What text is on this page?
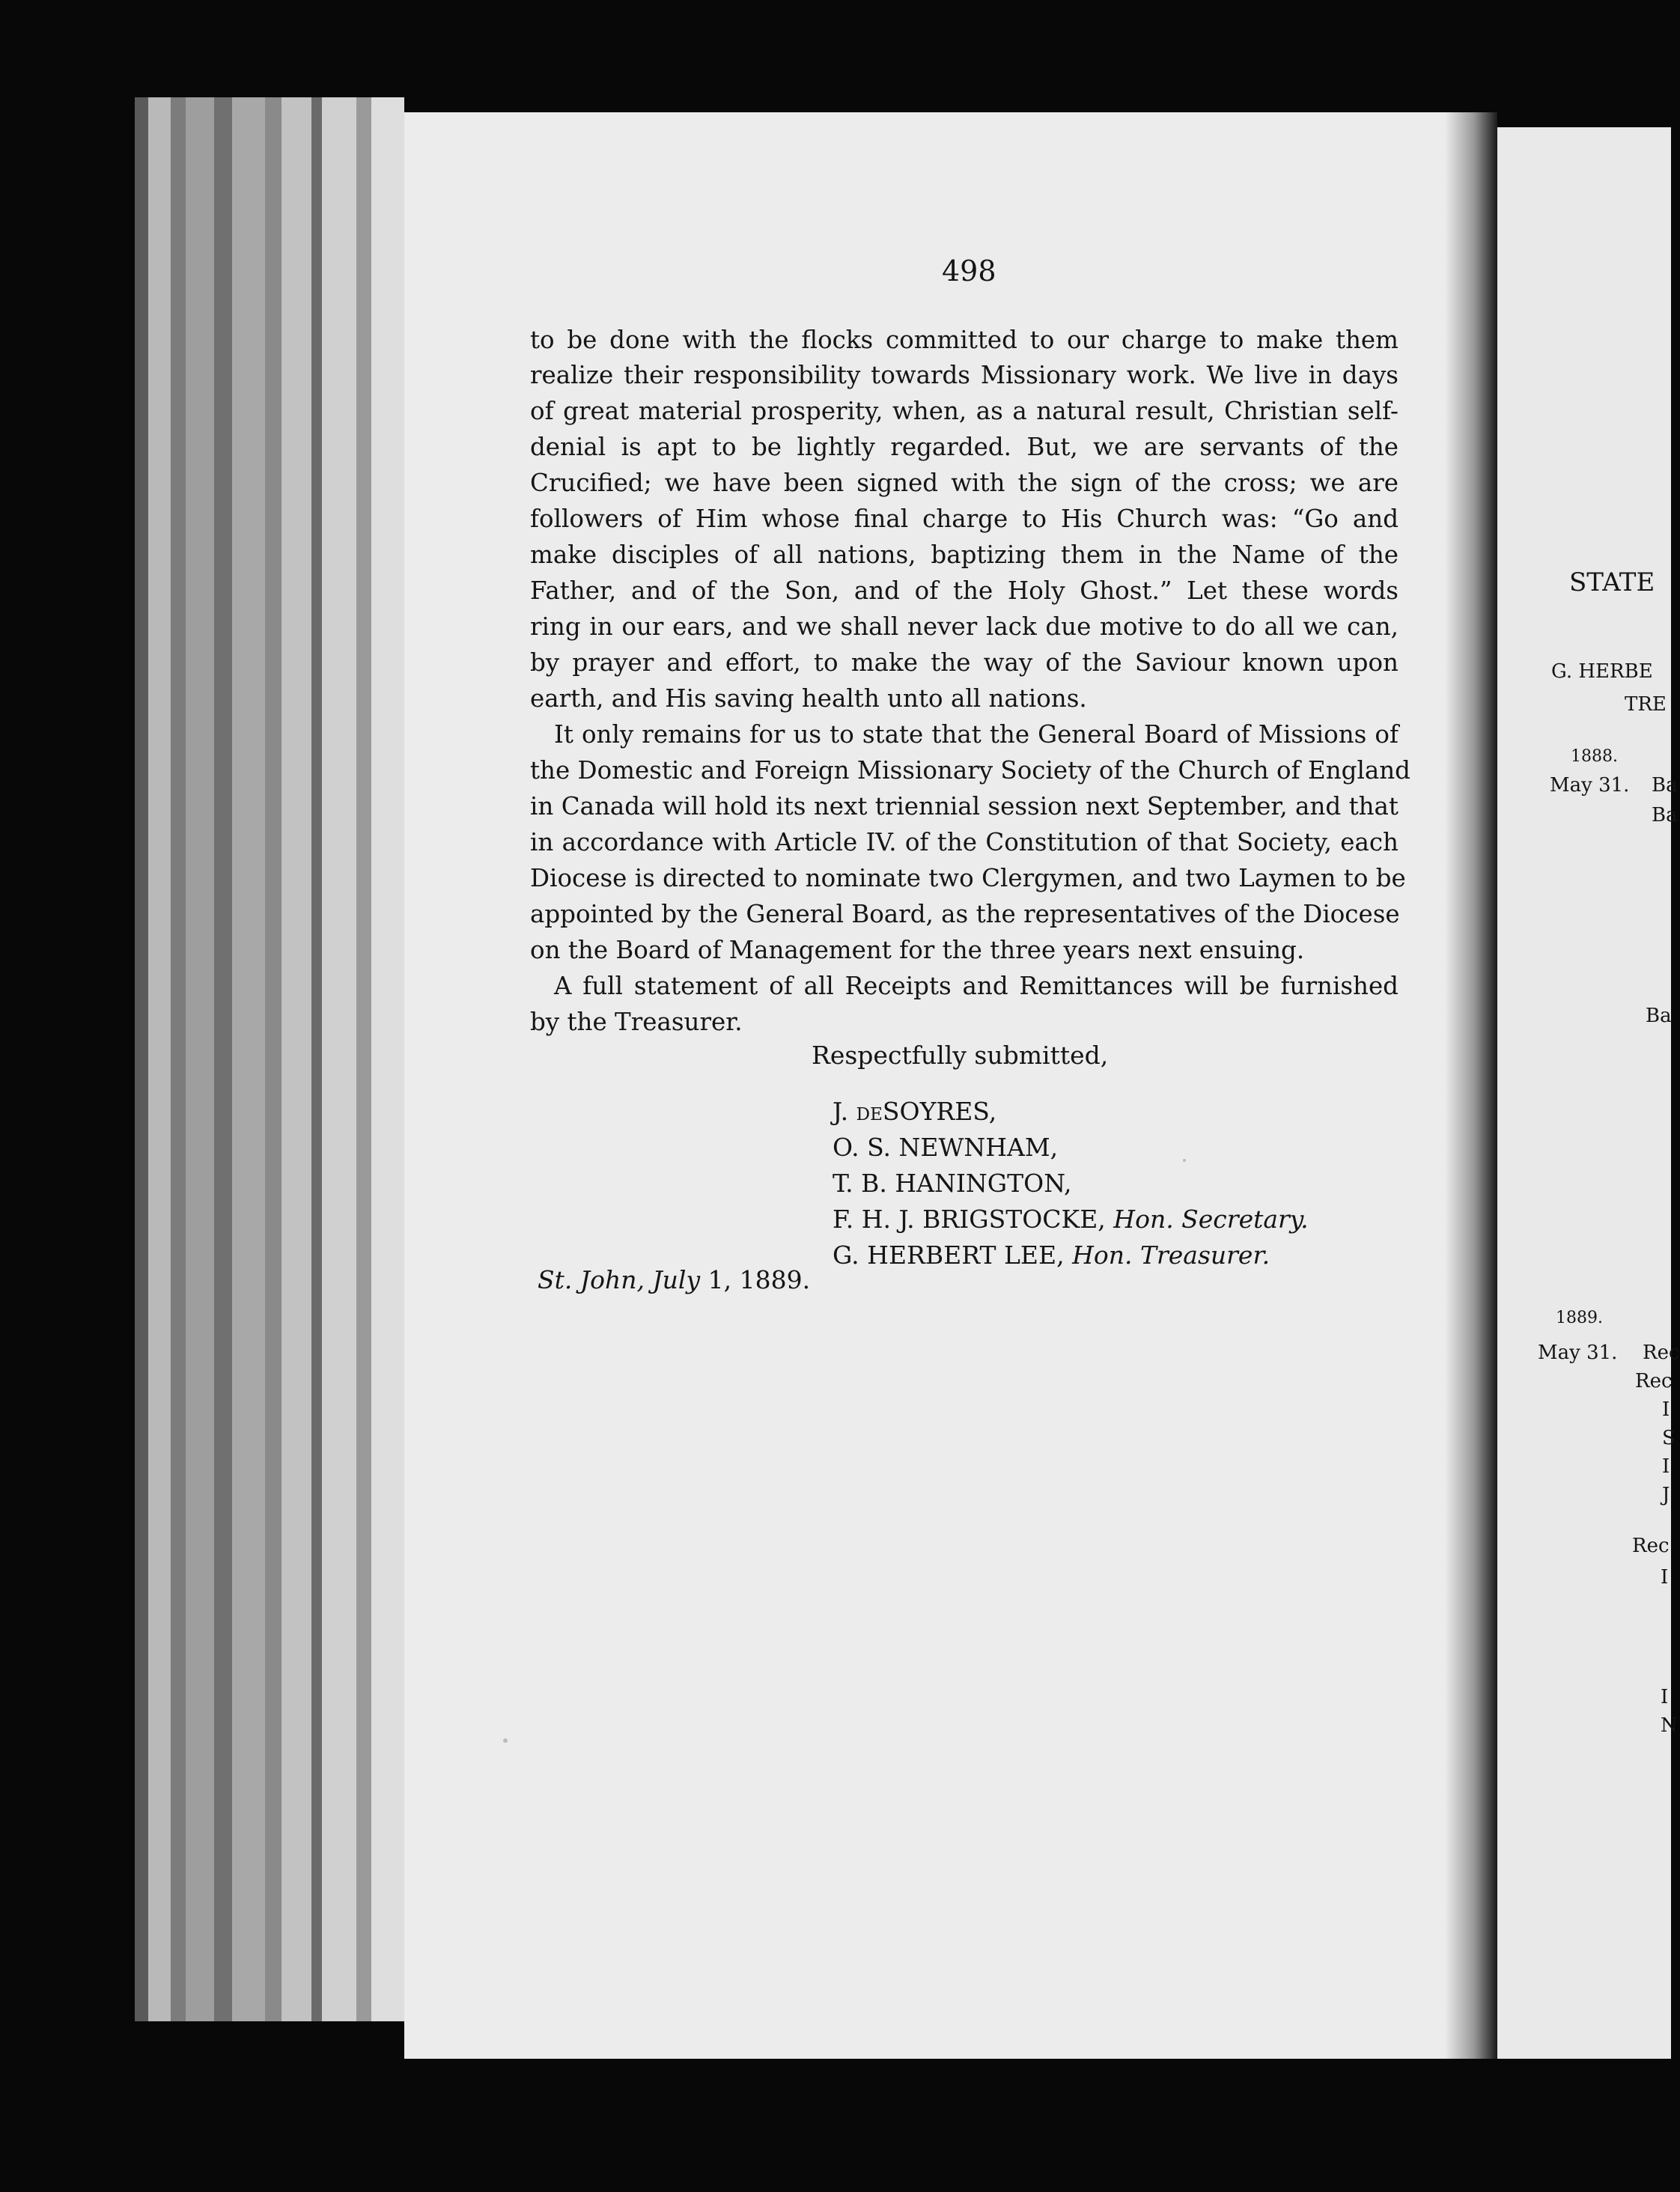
498
to be done with the flocks committed to our charge to make them
realize their responsibility towards Missionary work. We live in days
of great material prosperity, when, as a natural result, Christian self-
denial is apt to be lightly regarded. But, we are servants of the
Crucified; we have been signed with the sign of the cross; we are
followers of Him whose final charge to His Church was: “Go and
make disciples of all nations, baptizing them in the Name of the
Father, and of the Son, and of the Holy Ghost.” Let these words
ring in our ears, and we shall never lack due motive to do all we can,
by prayer and effort, to make the way of the Saviour known upon
earth, and His saving health unto all nations.
It only remains for us to state that the General Board of Missions of
the Domestic and Foreign Missionary Society of the Church of England
in Canada will hold its next triennial session next September, and that
in accordance with Article IV. of the Constitution of that Society, each
Diocese is directed to nominate two Clergymen, and two Laymen to be
appointed by the General Board, as the representatives of the Diocese
on the Board of Management for the three years next ensuing.
A full statement of all Receipts and Remittances will be furnished
by the Treasurer.
Respectfully submitted,
J. deSOYRES,
O. S. NEWNHAM,
T. B. HANINGTON,
F. H. J. BRIGSTOCKE, Hon. Secretary.
G. HERBERT LEE, Hon. Treasurer.
St. John, July 1, 1889.
STATE
G. HERBE
TRE
1888.
May 31. Ba
Ba
Ba
1889.
May 31. Rec
Rec
I
S
I
J
Rec
I
I
N
